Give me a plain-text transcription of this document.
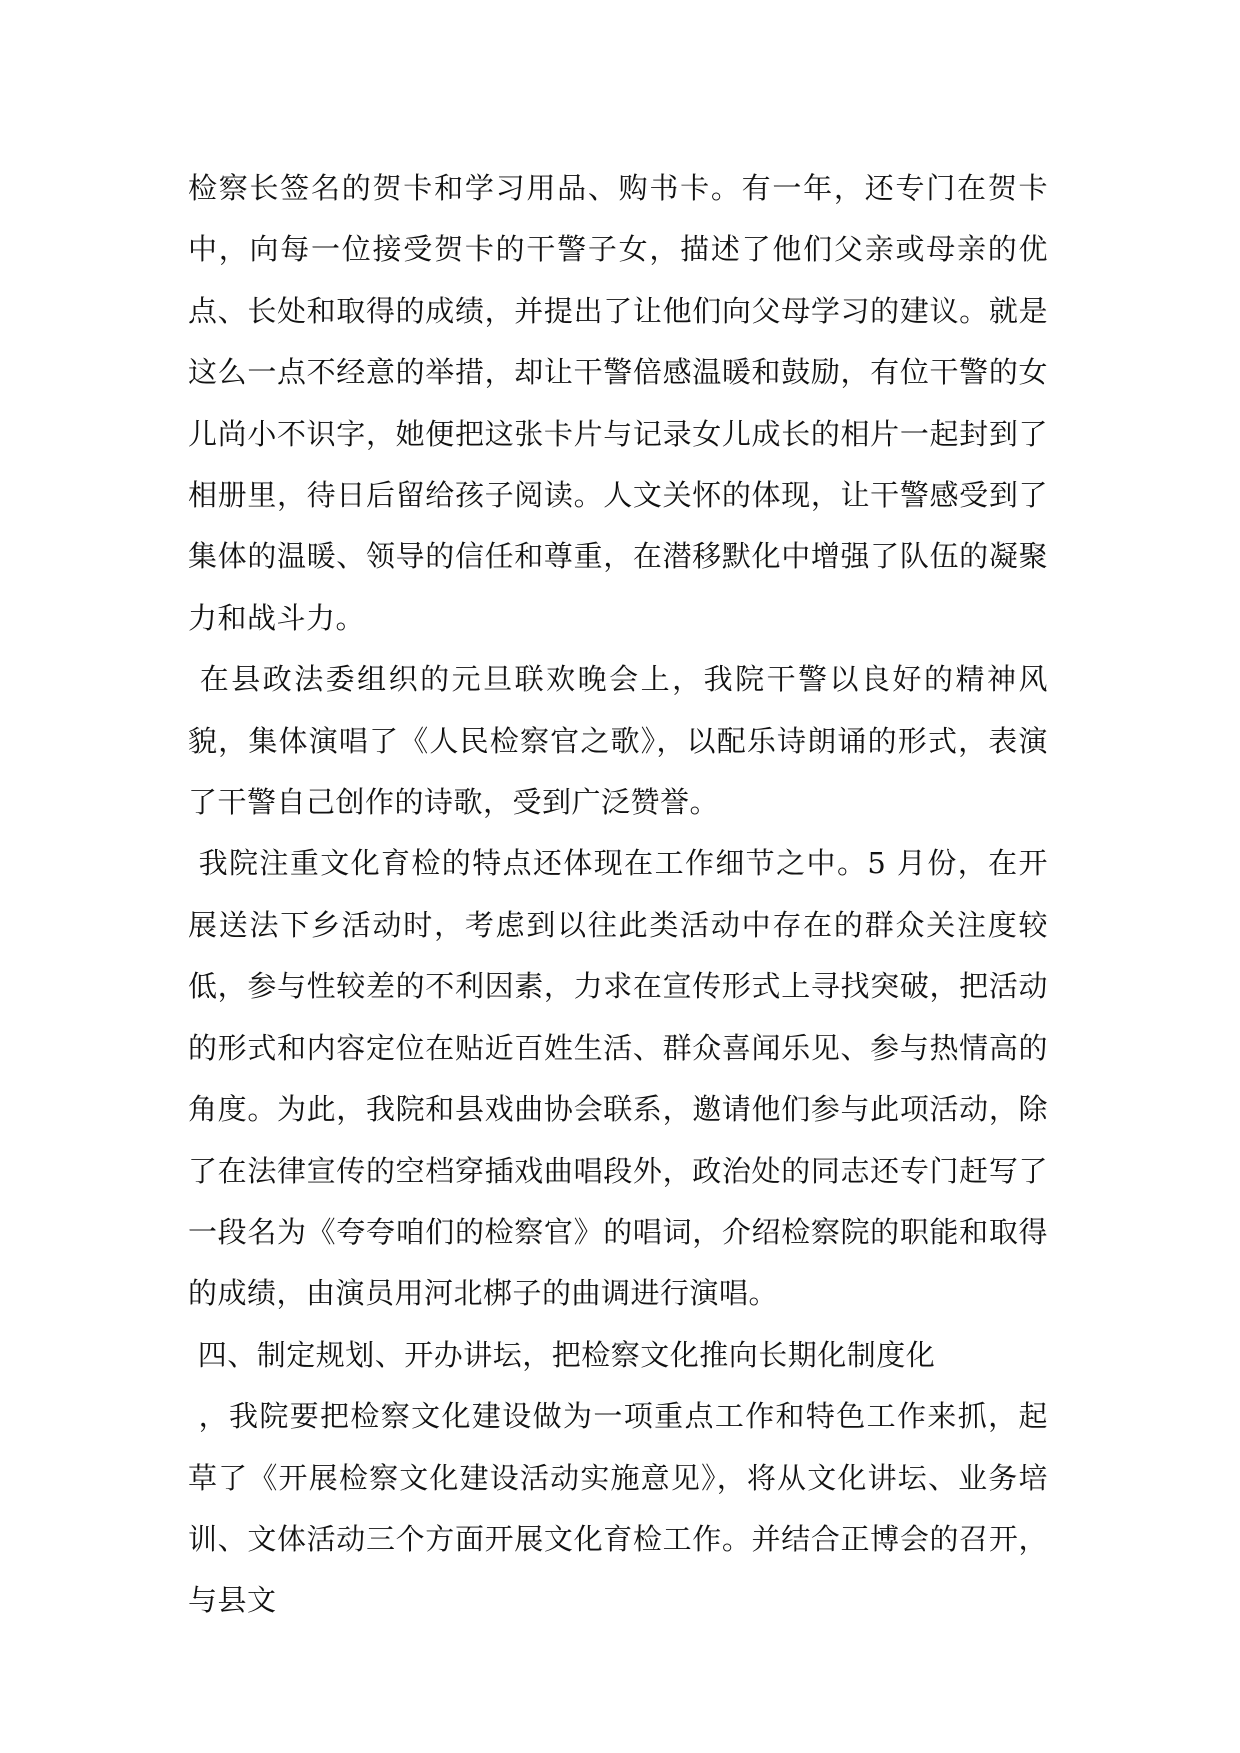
检察长签名的贺卡和学习用品、购书卡。有一年，还专门在贺卡中，向每一位接受贺卡的干警子女，描述了他们父亲或母亲的优点、长处和取得的成绩，并提出了让他们向父母学习的建议。就是这么一点不经意的举措，却让干警倍感温暖和鼓励，有位干警的女儿尚小不识字，她便把这张卡片与记录女儿成长的相片一起封到了相册里，待日后留给孩子阅读。人文关怀的体现，让干警感受到了集体的温暖、领导的信任和尊重，在潜移默化中增强了队伍的凝聚力和战斗力。

在县政法委组织的元旦联欢晚会上，我院干警以良好的精神风貌，集体演唱了《人民检察官之歌》，以配乐诗朗诵的形式，表演了干警自己创作的诗歌，受到广泛赞誉。

我院注重文化育检的特点还体现在工作细节之中。5 月份，在开展送法下乡活动时，考虑到以往此类活动中存在的群众关注度较低，参与性较差的不利因素，力求在宣传形式上寻找突破，把活动的形式和内容定位在贴近百姓生活、群众喜闻乐见、参与热情高的角度。为此，我院和县戏曲协会联系，邀请他们参与此项活动，除了在法律宣传的空档穿插戏曲唱段外，政治处的同志还专门赶写了一段名为《夸夸咱们的检察官》的唱词，介绍检察院的职能和取得的成绩，由演员用河北梆子的曲调进行演唱。

四、制定规划、开办讲坛，把检察文化推向长期化制度化

，我院要把检察文化建设做为一项重点工作和特色工作来抓，起草了《开展检察文化建设活动实施意见》，将从文化讲坛、业务培训、文体活动三个方面开展文化育检工作。并结合正博会的召开，与县文
